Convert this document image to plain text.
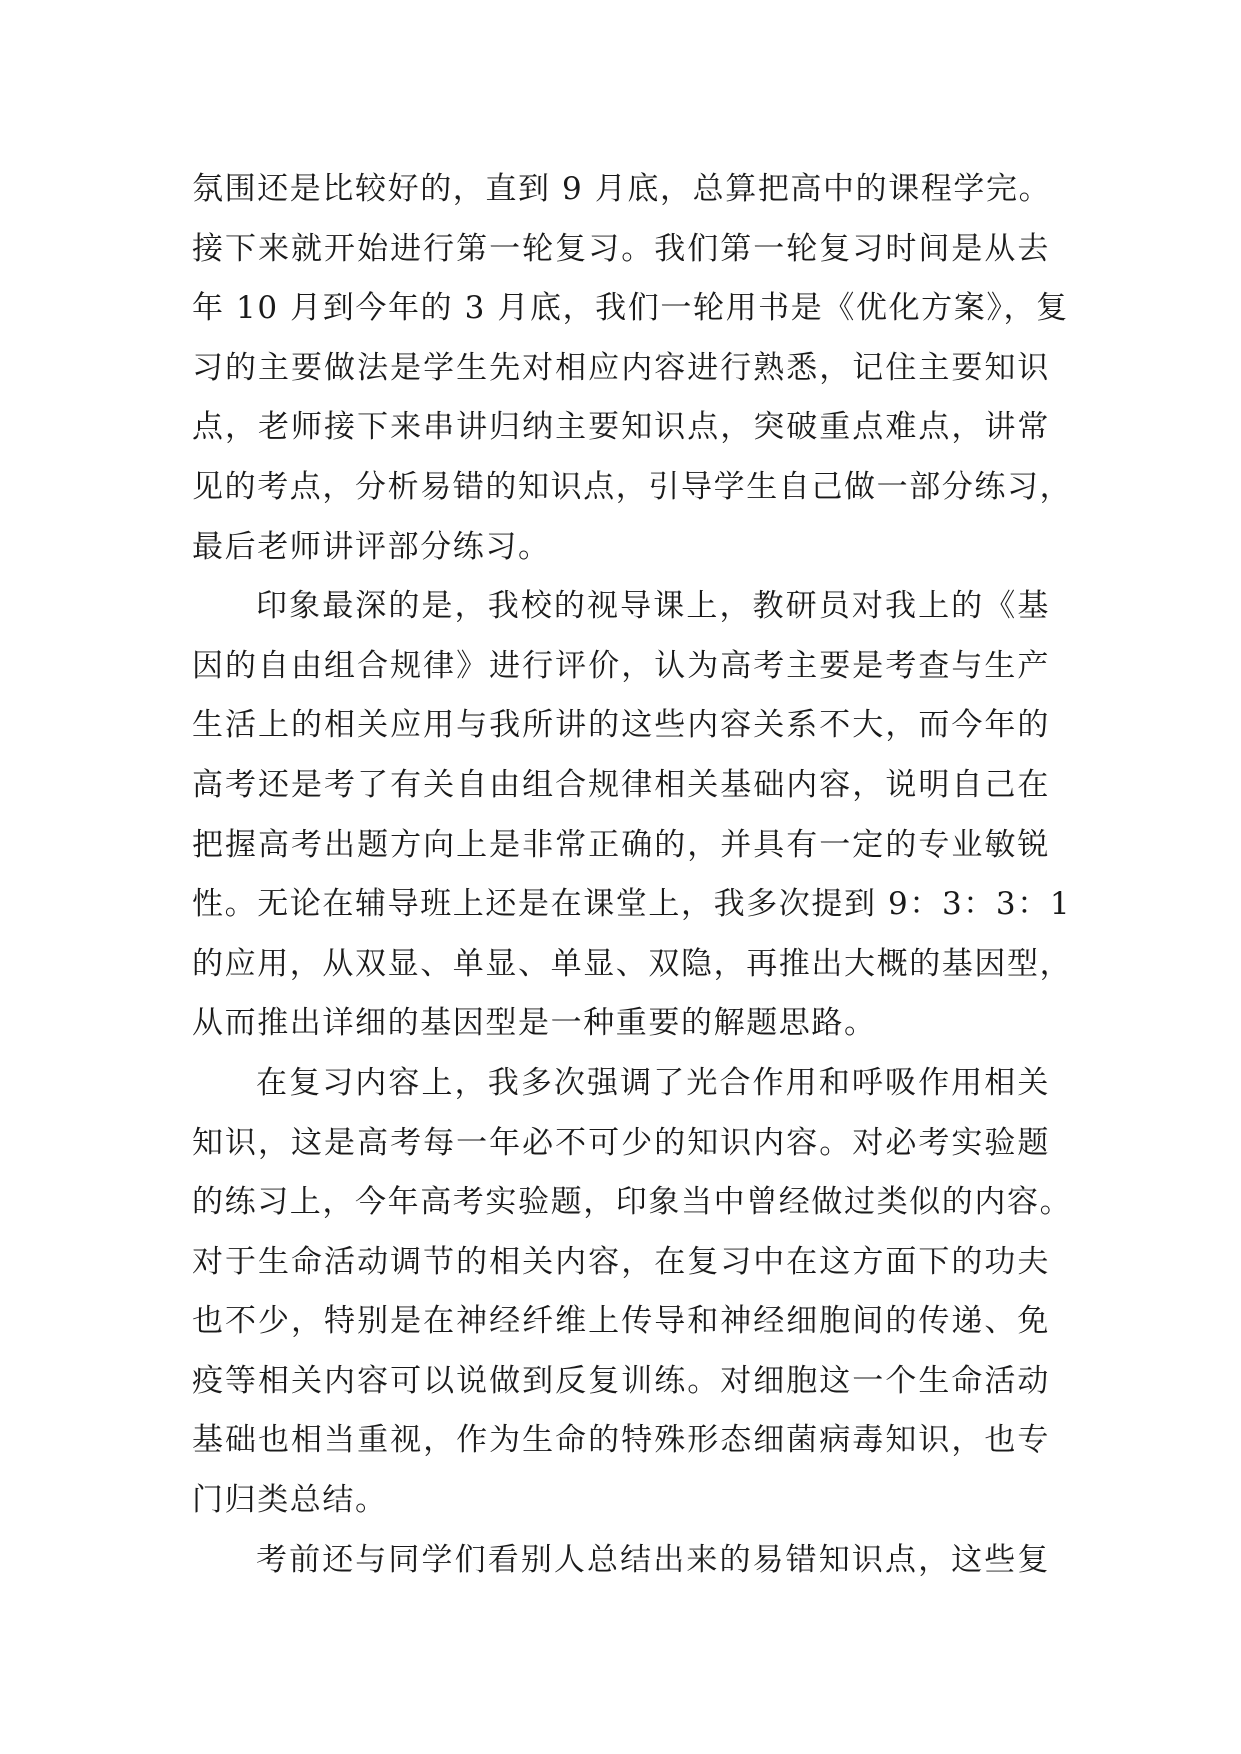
氛围还是比较好的，直到 9 月底，总算把高中的课程学完。
接下来就开始进行第一轮复习。我们第一轮复习时间是从去
年 10 月到今年的 3 月底，我们一轮用书是《优化方案》，复
习的主要做法是学生先对相应内容进行熟悉，记住主要知识
点，老师接下来串讲归纳主要知识点，突破重点难点，讲常
见的考点，分析易错的知识点，引导学生自己做一部分练习，
最后老师讲评部分练习。
印象最深的是，我校的视导课上，教研员对我上的《基
因的自由组合规律》进行评价，认为高考主要是考查与生产
生活上的相关应用与我所讲的这些内容关系不大，而今年的
高考还是考了有关自由组合规律相关基础内容，说明自己在
把握高考出题方向上是非常正确的，并具有一定的专业敏锐
性。无论在辅导班上还是在课堂上，我多次提到 9：3：3：1
的应用，从双显、单显、单显、双隐，再推出大概的基因型，
从而推出详细的基因型是一种重要的解题思路。
在复习内容上，我多次强调了光合作用和呼吸作用相关
知识，这是高考每一年必不可少的知识内容。对必考实验题
的练习上，今年高考实验题，印象当中曾经做过类似的内容。
对于生命活动调节的相关内容，在复习中在这方面下的功夫
也不少，特别是在神经纤维上传导和神经细胞间的传递、免
疫等相关内容可以说做到反复训练。对细胞这一个生命活动
基础也相当重视，作为生命的特殊形态细菌病毒知识，也专
门归类总结。
考前还与同学们看别人总结出来的易错知识点，这些复
